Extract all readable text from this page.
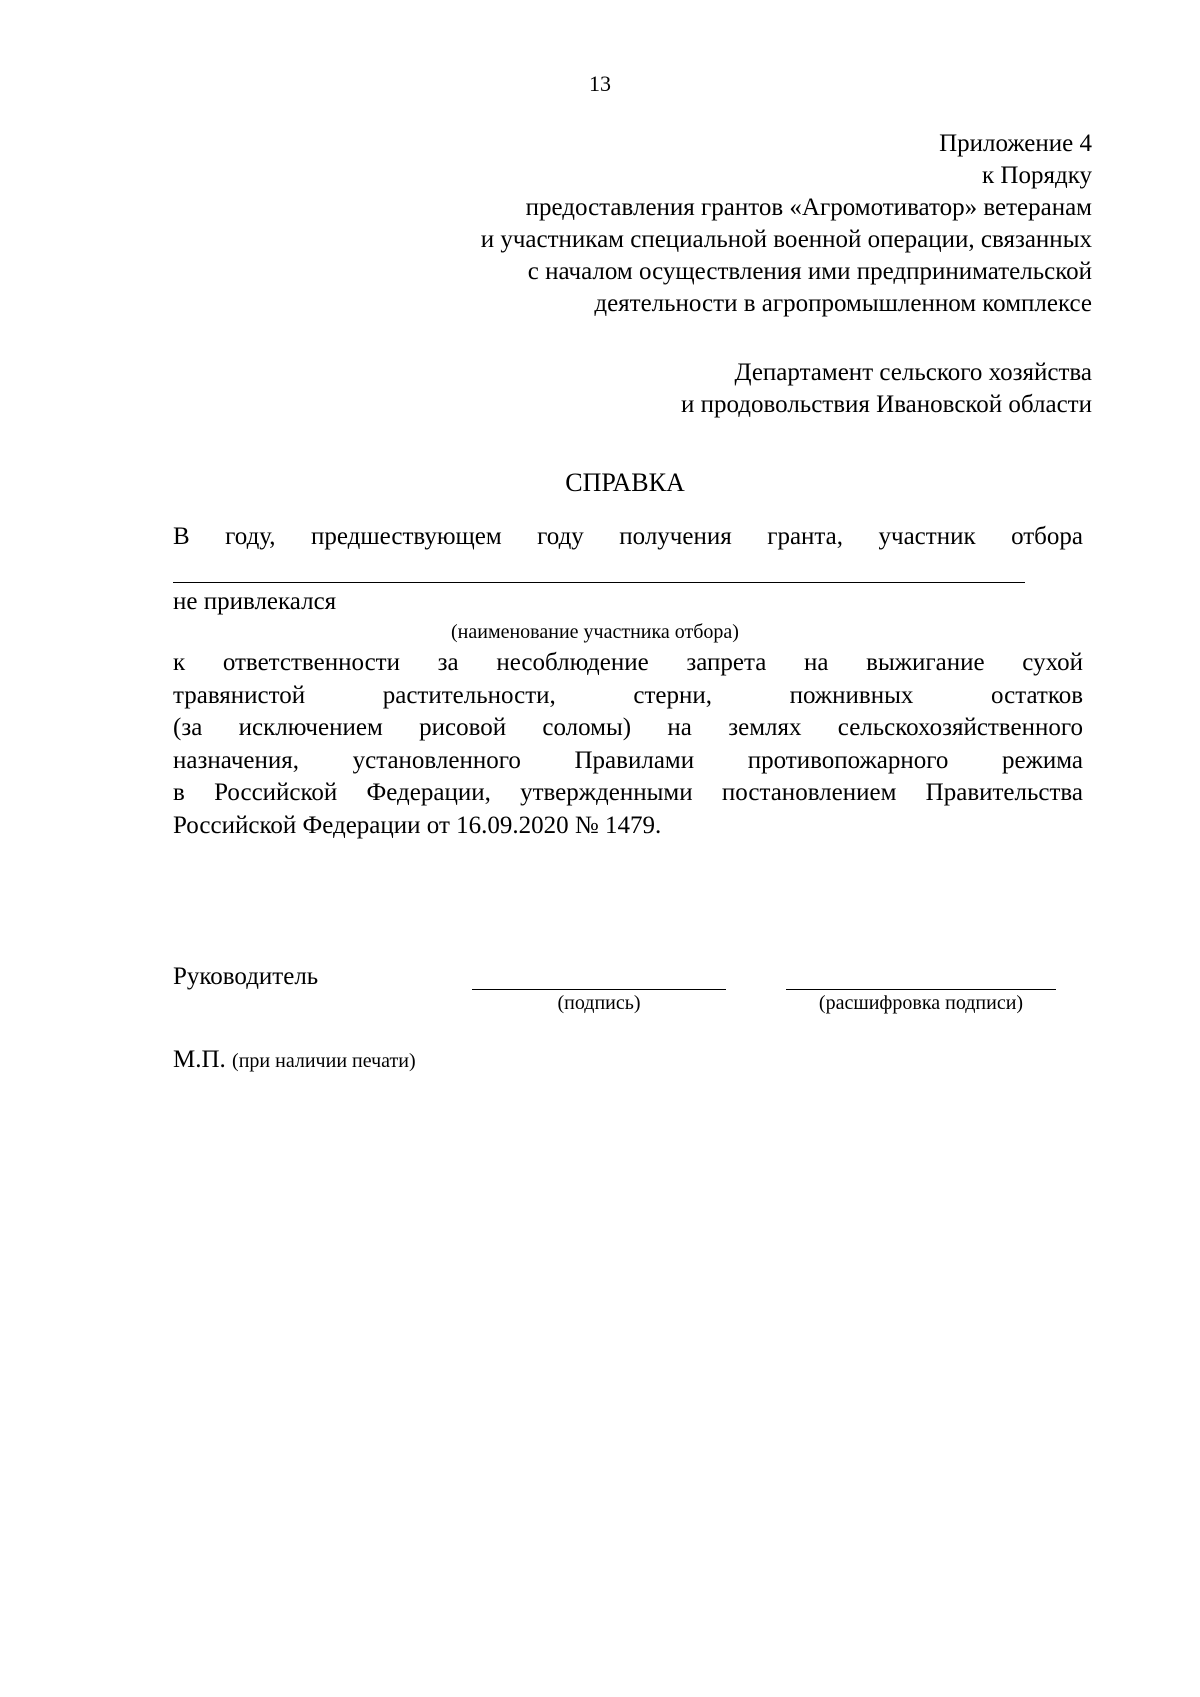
13
Приложение 4
к Порядку
предоставления грантов «Агромотиватор» ветеранам
и участникам специальной военной операции, связанных
с началом осуществления ими предпринимательской
деятельности в агропромышленном комплексе
Департамент сельского хозяйства
и продовольствия Ивановской области
СПРАВКА
В году, предшествующем году получения гранта, участник отбора
не привлекался
(наименование участника отбора)
к ответственности за несоблюдение запрета на выжигание сухой
травянистой растительности, стерни, пожнивных остатков
(за исключением рисовой соломы) на землях сельскохозяйственного
назначения, установленного Правилами противопожарного режима
в Российской Федерации, утвержденными постановлением Правительства
Российской Федерации от 16.09.2020 № 1479.
Руководитель
(подпись)	(расшифровка подписи)
М.П. (при наличии печати)
